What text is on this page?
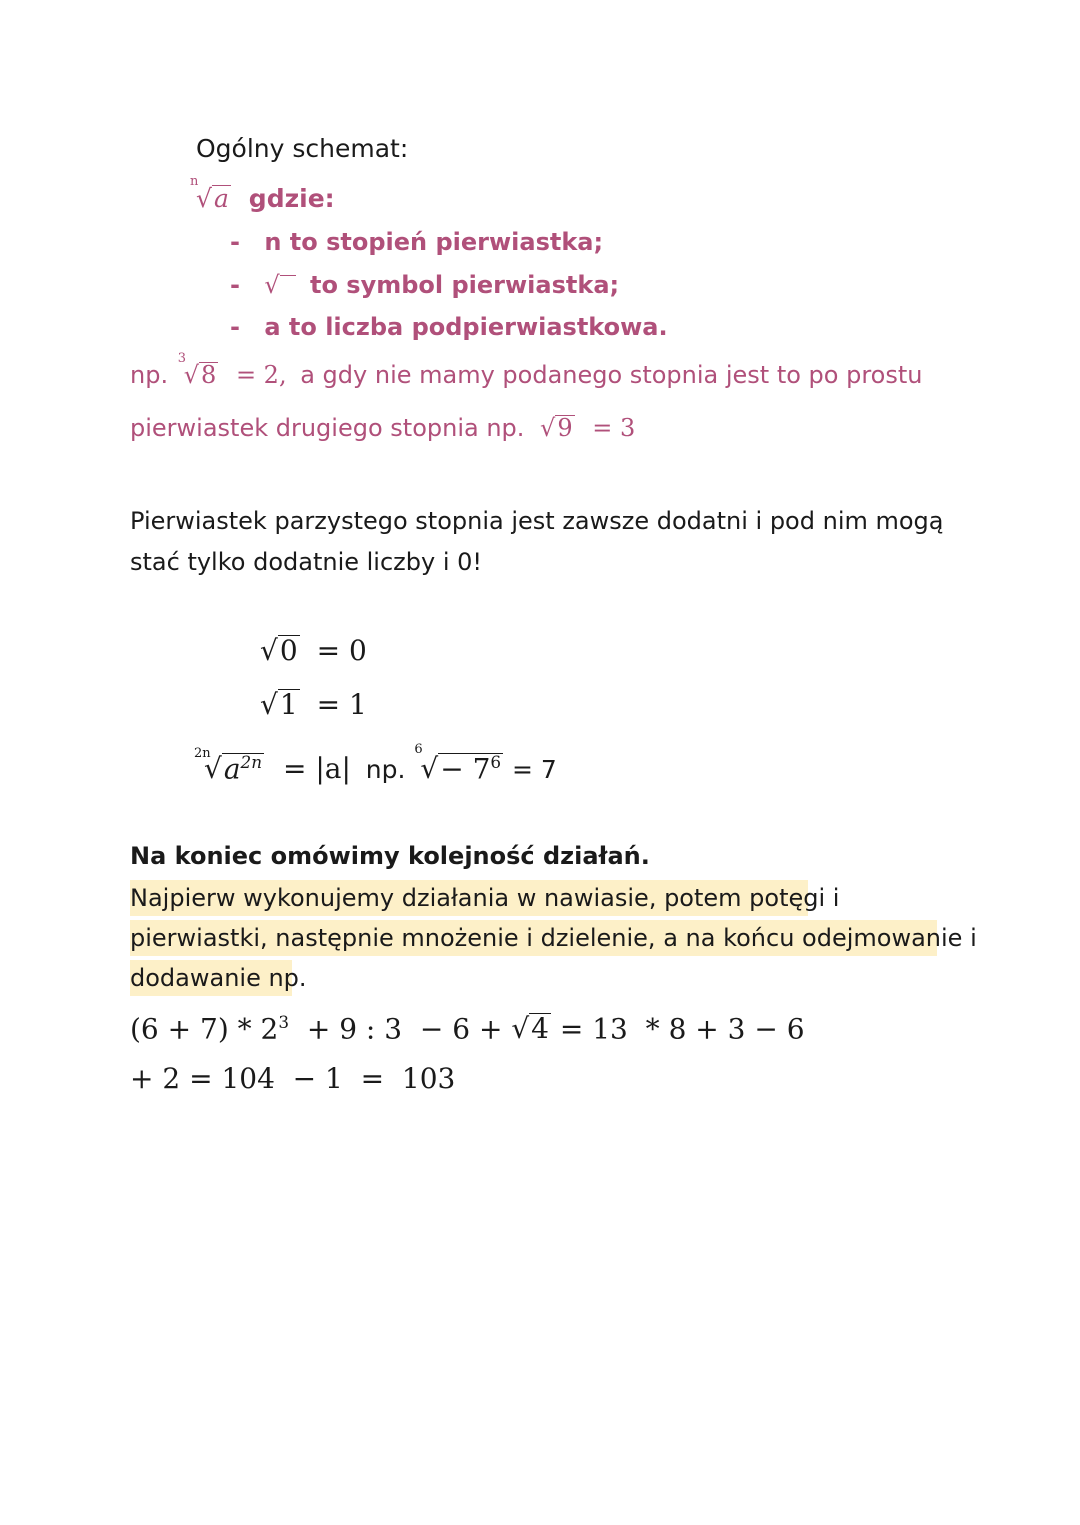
Ogólny schemat:
n
√a gdzie:
- n to stopień pierwiastka;
- √ to symbol pierwiastka;
- a to liczba podpierwiastkowa.
np.
3
√8 = 2, a gdy nie mamy podanego stopnia jest to po prostu
pierwiastek drugiego stopnia np. √9 = 3
Pierwiastek parzystego stopnia jest zawsze dodatni i pod nim mogą
stać tylko dodatnie liczby i 0!
√0 = 0
√1 = 1
2n
$√a^{2n} = |a|$ np.
6
√− $7^6 = 7$
Na koniec omówimy kolejność działań.
Najpierw wykonujemy działania w nawiasie, potem potęgi i
pierwiastki, następnie mnożenie i dzielenie, a na końcu odejmowanie i
dodawanie np.
$(6 + 7) * 2^3 + 9$ : 3  − 6 + √4 = 13  * 8 + 3 − 6
+ 2 = 104  − 1  =  103
